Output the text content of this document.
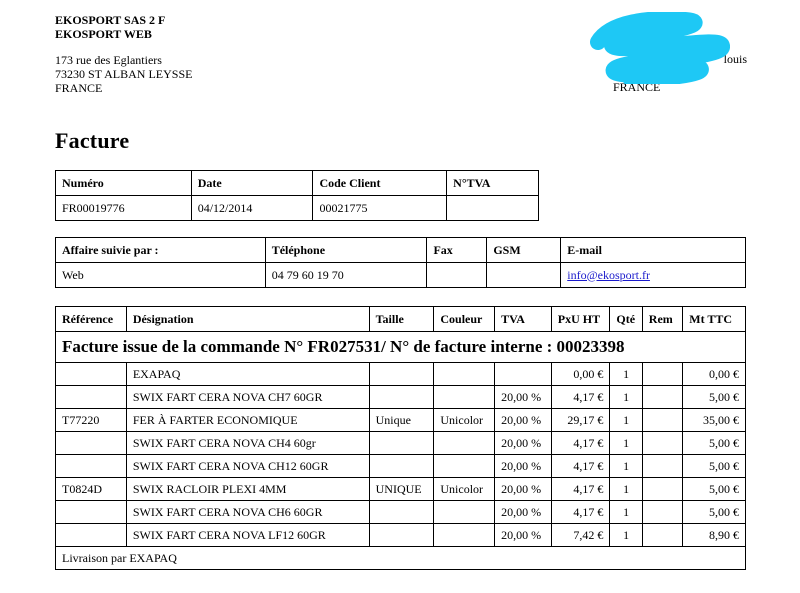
EKOSPORT SAS 2 F
EKOSPORT WEB
173 rue des Eglantiers
73230 ST ALBAN LEYSSE
FRANCE
louis
Paris
FRANCE
Facture
Numéro	Date	Code Client	N°TVA
FR00019776	04/12/2014	00021775	
Affaire suivie par :	Téléphone	Fax	GSM	E-mail
Web	04 79 60 19 70			info@ekosport.fr
Référence	Désignation	Taille	Couleur	TVA	PxU HT	Qté	Rem	Mt TTC
Facture issue de la commande N° FR027531/ N° de facture interne : 00023398								
	EXAPAQ				0,00 €	1		0,00 €
	SWIX FART CERA NOVA CH7 60GR			20,00 %	4,17 €	1		5,00 €
T77220	FER À FARTER ECONOMIQUE	Unique	Unicolor	20,00 %	29,17 €	1		35,00 €
	SWIX FART CERA NOVA CH4 60gr			20,00 %	4,17 €	1		5,00 €
	SWIX FART CERA NOVA CH12 60GR			20,00 %	4,17 €	1		5,00 €
T0824D	SWIX RACLOIR PLEXI 4MM	UNIQUE	Unicolor	20,00 %	4,17 €	1		5,00 €
	SWIX FART CERA NOVA CH6 60GR			20,00 %	4,17 €	1		5,00 €
	SWIX FART CERA NOVA LF12 60GR			20,00 %	7,42 €	1		8,90 €
Livraison par EXAPAQ								
